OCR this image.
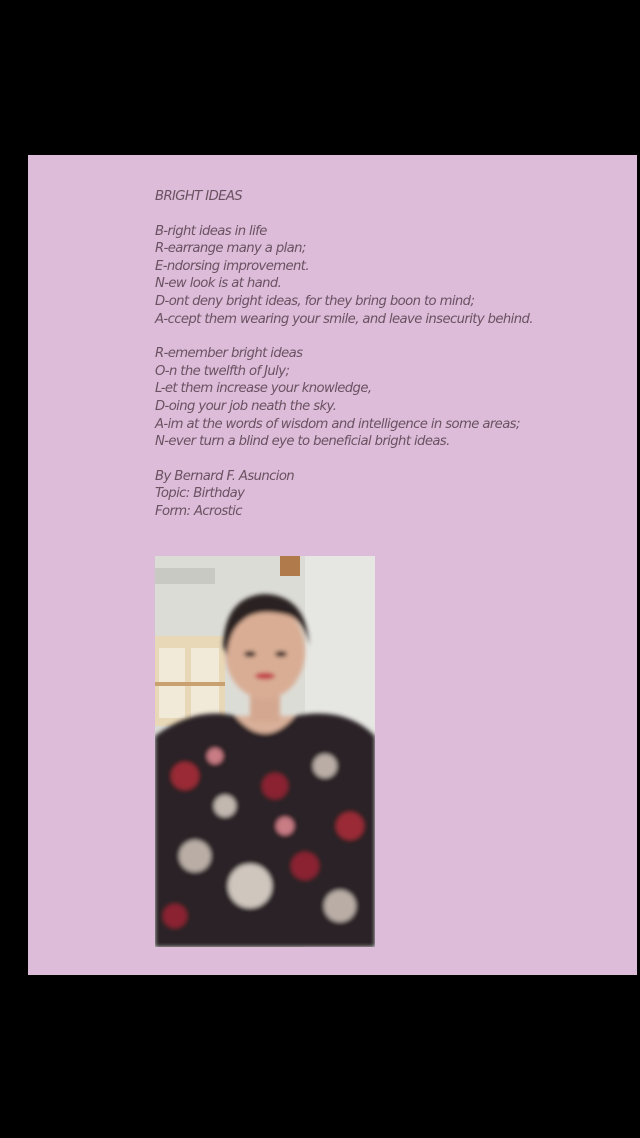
BRIGHT IDEAS
B-right ideas in life
R-earrange many a plan;
E-ndorsing improvement.
N-ew look is at hand.
D-ont deny bright ideas, for they bring boon to mind;
A-ccept them wearing your smile, and leave insecurity behind.
R-emember bright ideas
O-n the twelfth of July;
L-et them increase your knowledge,
D-oing your job neath the sky.
A-im at the words of wisdom and intelligence in some areas;
N-ever turn a blind eye to beneficial bright ideas.
By Bernard F. Asuncion
Topic: Birthday
Form: Acrostic
